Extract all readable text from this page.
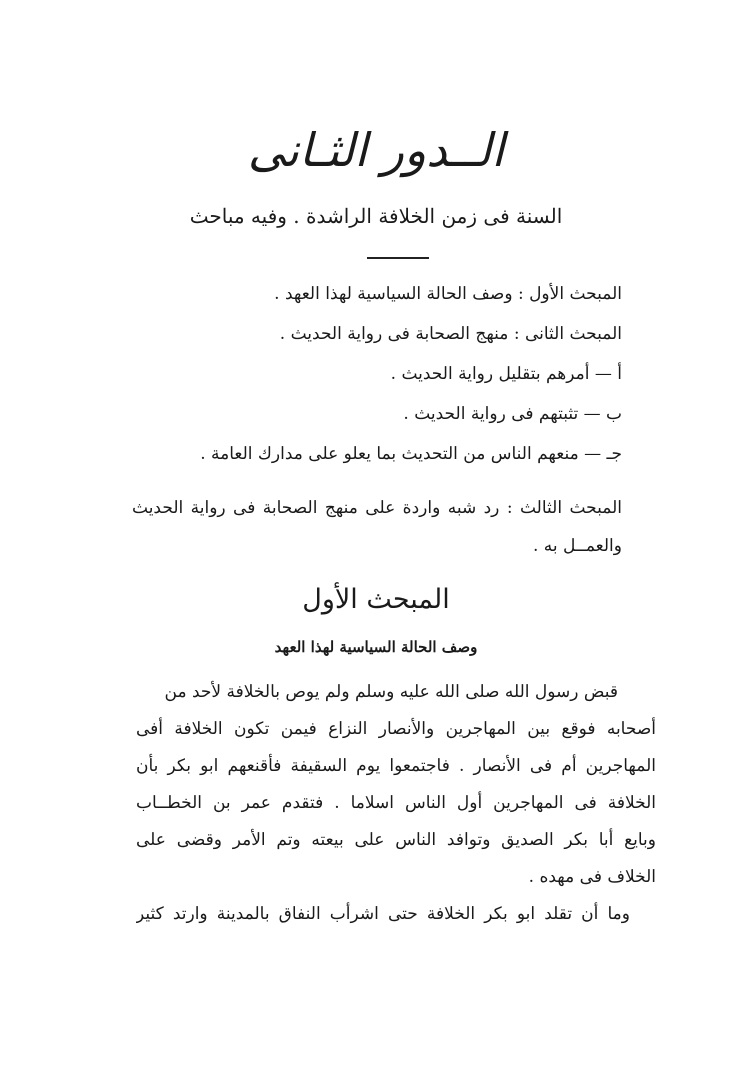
الــدور الثـانى
السنة فى زمن الخلافة الراشدة . وفيه مباحث
المبحث الأول : وصف الحالة السياسية لهذا العهد .
المبحث الثانى : منهج الصحابة فى رواية الحديث .
أ — أمرهم بتقليل رواية الحديث .
ب — تثبتهم فى رواية الحديث .
جـ — منعهم الناس من التحديث بما يعلو على مدارك العامة .
المبحث الثالث : رد شبه واردة على منهج الصحابة فى رواية الحديث
والعمــل به .
المبحث الأول
وصف الحالة السياسية لهذا العهد
قبض رسول الله صلى الله عليه وسلم ولم يوص بالخلافة لأحد من
أصحابه فوقع بين المهاجرين والأنصار النزاع فيمن تكون الخلافة أفى
المهاجرين أم فى الأنصار . فاجتمعوا يوم السقيفة فأقنعهم ابو بكر بأن
الخلافة فى المهاجرين أول الناس اسلاما . فتقدم عمر بن الخطــاب
وبايع أبا بكر الصديق وتوافد الناس على بيعته وتم الأمر وقضى على
الخلاف فى مهده .
وما أن تقلد ابو بكر الخلافة حتى اشرأب النفاق بالمدينة وارتد كثير
